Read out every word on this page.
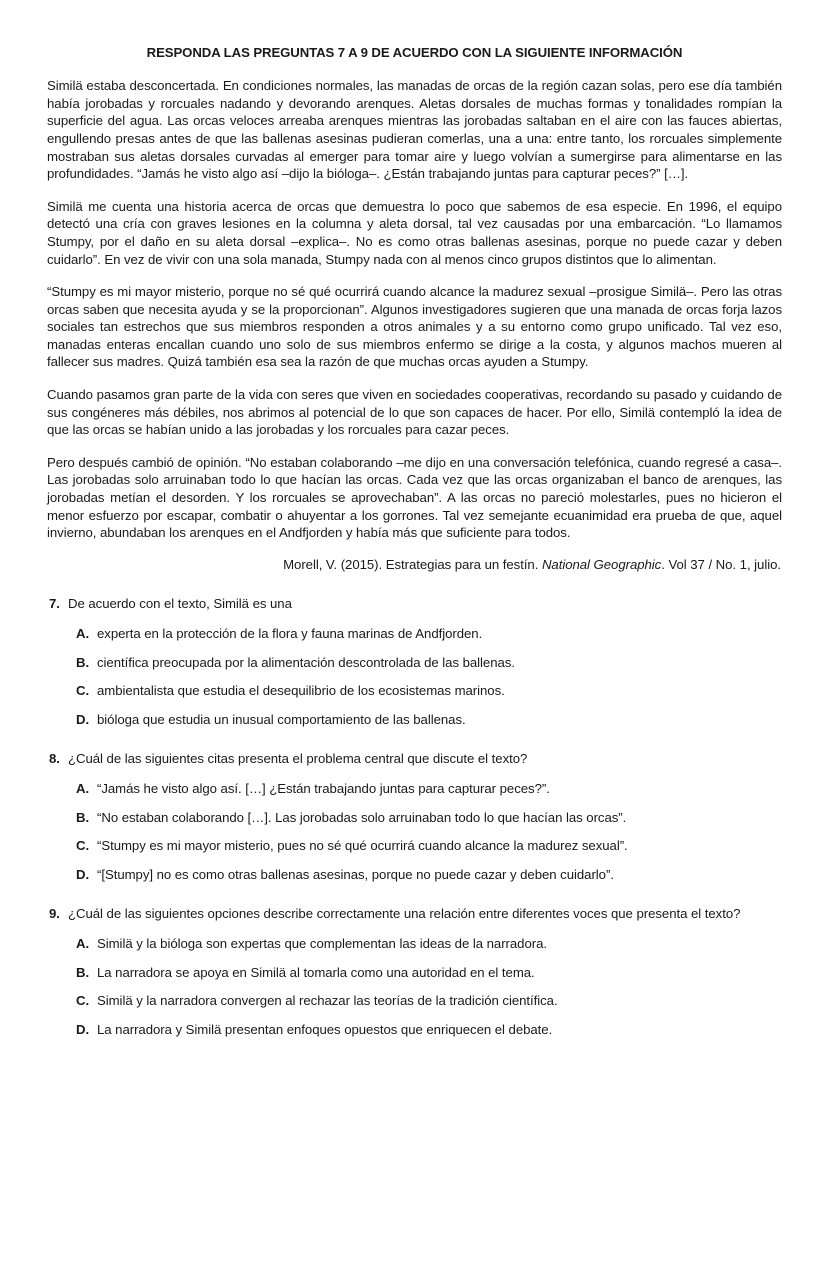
RESPONDA LAS PREGUNTAS 7 A 9 DE ACUERDO CON LA SIGUIENTE INFORMACIÓN

Similä estaba desconcertada. En condiciones normales, las manadas de orcas de la región cazan solas, pero ese día también había jorobadas y rorcuales nadando y devorando arenques. Aletas dorsales de muchas formas y tonalidades rompían la superficie del agua. Las orcas veloces arreaba arenques mientras las jorobadas saltaban en el aire con las fauces abiertas, engullendo presas antes de que las ballenas asesinas pudieran comerlas, una a una: entre tanto, los rorcuales simplemente mostraban sus aletas dorsales curvadas al emerger para tomar aire y luego volvían a sumergirse para alimentarse en las profundidades. “Jamás he visto algo así –dijo la bióloga–. ¿Están trabajando juntas para capturar peces?” […].

Similä me cuenta una historia acerca de orcas que demuestra lo poco que sabemos de esa especie. En 1996, el equipo detectó una cría con graves lesiones en la columna y aleta dorsal, tal vez causadas por una embarcación. “Lo llamamos Stumpy, por el daño en su aleta dorsal –explica–. No es como otras ballenas asesinas, porque no puede cazar y deben cuidarlo”. En vez de vivir con una sola manada, Stumpy nada con al menos cinco grupos distintos que lo alimentan.

“Stumpy es mi mayor misterio, porque no sé qué ocurrirá cuando alcance la madurez sexual –prosigue Similä–. Pero las otras orcas saben que necesita ayuda y se la proporcionan”. Algunos investigadores sugieren que una manada de orcas forja lazos sociales tan estrechos que sus miembros responden a otros animales y a su entorno como grupo unificado. Tal vez eso, manadas enteras encallan cuando uno solo de sus miembros enfermo se dirige a la costa, y algunos machos mueren al fallecer sus madres. Quizá también esa sea la razón de que muchas orcas ayuden a Stumpy.

Cuando pasamos gran parte de la vida con seres que viven en sociedades cooperativas, recordando su pasado y cuidando de sus congéneres más débiles, nos abrimos al potencial de lo que son capaces de hacer. Por ello, Similä contempló la idea de que las orcas se habían unido a las jorobadas y los rorcuales para cazar peces.

Pero después cambió de opinión. “No estaban colaborando –me dijo en una conversación telefónica, cuando regresé a casa–. Las jorobadas solo arruinaban todo lo que hacían las orcas. Cada vez que las orcas organizaban el banco de arenques, las jorobadas metían el desorden. Y los rorcuales se aprovechaban”. A las orcas no pareció molestarles, pues no hicieron el menor esfuerzo por escapar, combatir o ahuyentar a los gorrones. Tal vez semejante ecuanimidad era prueba de que, aquel invierno, abundaban los arenques en el Andfjorden y había más que suficiente para todos.

Morell, V. (2015). Estrategias para un festín. National Geographic. Vol 37 / No. 1, julio.
7. De acuerdo con el texto, Similä es una
A. experta en la protección de la flora y fauna marinas de Andfjorden.
B. científica preocupada por la alimentación descontrolada de las ballenas.
C. ambientalista que estudia el desequilibrio de los ecosistemas marinos.
D. bióloga que estudia un inusual comportamiento de las ballenas.
8. ¿Cuál de las siguientes citas presenta el problema central que discute el texto?
A. “Jamás he visto algo así. […] ¿Están trabajando juntas para capturar peces?”.
B. “No estaban colaborando […]. Las jorobadas solo arruinaban todo lo que hacían las orcas”.
C. “Stumpy es mi mayor misterio, pues no sé qué ocurrirá cuando alcance la madurez sexual”.
D. “[Stumpy] no es como otras ballenas asesinas, porque no puede cazar y deben cuidarlo”.
9. ¿Cuál de las siguientes opciones describe correctamente una relación entre diferentes voces que presenta el texto?
A. Similä y la bióloga son expertas que complementan las ideas de la narradora.
B. La narradora se apoya en Similä al tomarla como una autoridad en el tema.
C. Similä y la narradora convergen al rechazar las teorías de la tradición científica.
D. La narradora y Similä presentan enfoques opuestos que enriquecen el debate.
